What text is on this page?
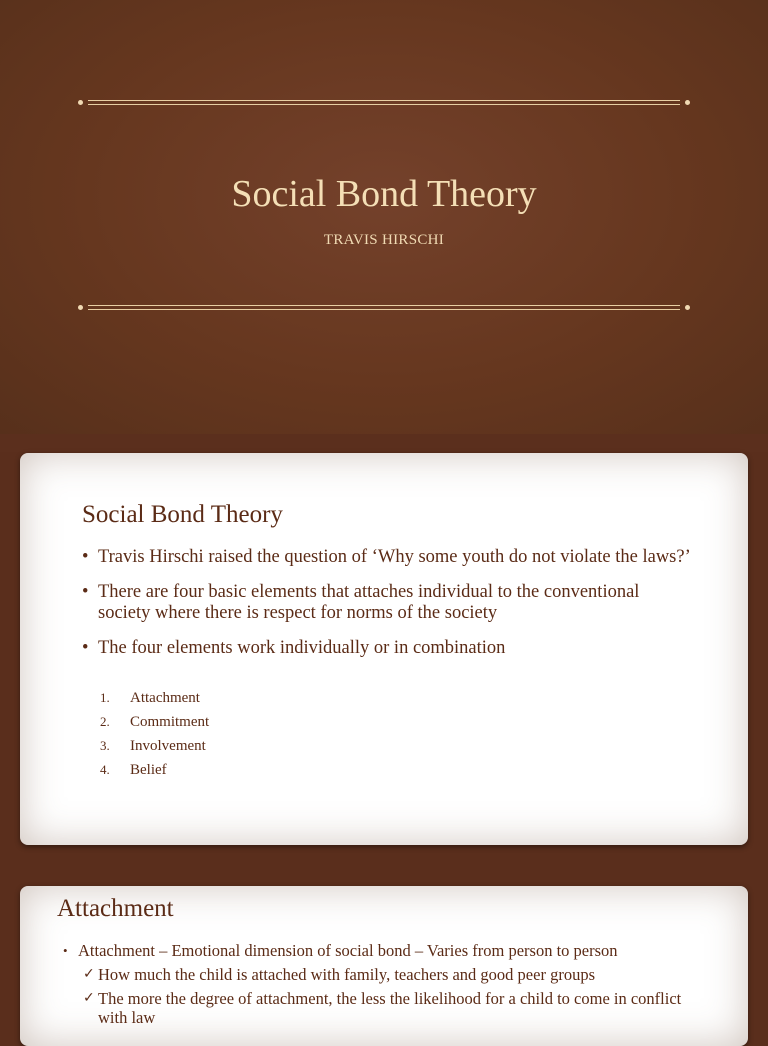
Social Bond Theory

TRAVIS HIRSCHI

Social Bond Theory
• Travis Hirschi raised the question of ‘Why some youth do not violate the laws?’
• There are four basic elements that attaches individual to the conventional society where there is respect for norms of the society
• The four elements work individually or in combination
1. Attachment
2. Commitment
3. Involvement
4. Belief
Attachment
• Attachment – Emotional dimension of social bond – Varies from person to person
✓ How much the child is attached with family, teachers and good peer groups
✓ The more the degree of attachment, the less the likelihood for a child to come in conflict with law
